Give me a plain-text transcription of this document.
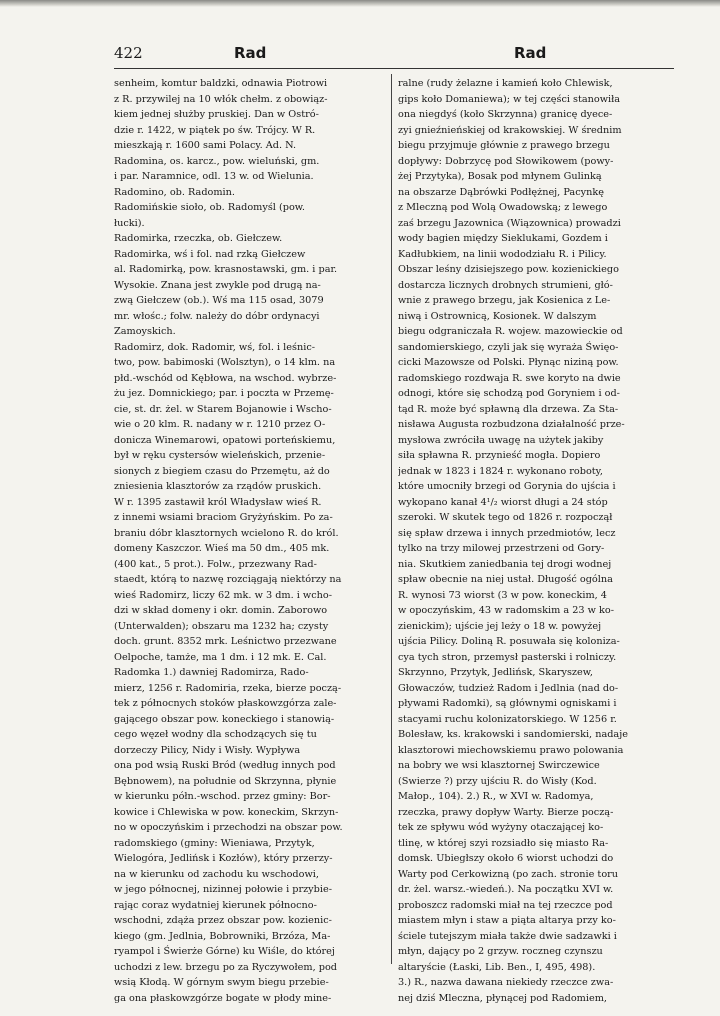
422	Rad	Rad
senheim, komtur baldzki, odnawia Piotrowi
z R. przywilej na 10 włók chełm. z obowiąz-
kiem jednej służby pruskiej. Dan w Ostró-
dzie r. 1422, w piątek po św. Trójcy. W R.
mieszkają r. 1600 sami Polacy. Ad. N.
Radomina, os. karcz., pow. wieluński, gm.
i par. Naramnice, odl. 13 w. od Wielunia.
Radomino, ob. Radomin.
Radomińskie sioło, ob. Radomyśl (pow.
łucki).
Radomirka, rzeczka, ob. Giełczew.
Radomirka, wś i fol. nad rzką Giełczew
al. Radomirką, pow. krasnostawski, gm. i par.
Wysokie. Znana jest zwykle pod drugą na-
zwą Giełczew (ob.). Wś ma 115 osad, 3079
mr. włośc.; folw. należy do dóbr ordynacyi
Zamoyskich.
Radomirz, dok. Radomir, wś, fol. i leśnic-
two, pow. babimoski (Wolsztyn), o 14 klm. na
płd.-wschód od Kębłowa, na wschod. wybrze-
żu jez. Domnickiego; par. i poczta w Przemę-
cie, st. dr. żel. w Starem Bojanowie i Wscho-
wie o 20 klm. R. nadany w r. 1210 przez O-
donicza Winemarowi, opatowi porteńskiemu,
był w ręku cystersów wieleńskich, przenie-
sionych z biegiem czasu do Przemętu, aż do
zniesienia klasztorów za rządów pruskich.
W r. 1395 zastawił król Władysław wieś R.
z innemi wsiami braciom Gryżyńskim. Po za-
braniu dóbr klasztornych wcielono R. do król.
domeny Kaszczor. Wieś ma 50 dm., 405 mk.
(400 kat., 5 prot.). Folw., przezwany Rad-
staedt, którą to nazwę rozciągają niektórzy na
wieś Radomirz, liczy 62 mk. w 3 dm. i wcho-
dzi w skład domeny i okr. domin. Zaborowo
(Unterwalden); obszaru ma 1232 ha; czysty
doch. grunt. 8352 mrk. Leśnictwo przezwane
Oelpoche, tamże, ma 1 dm. i 12 mk. E. Cal.
Radomka 1.) dawniej Radomirza, Rado-
mierz, 1256 r. Radomiria, rzeka, bierze począ-
tek z północnych stoków płaskowzgórza zale-
gającego obszar pow. koneckiego i stanowią-
cego węzeł wodny dla schodzących się tu
dorzeczy Pilicy, Nidy i Wisły. Wypływa
ona pod wsią Ruski Bród (według innych pod
Bębnowem), na południe od Skrzynna, płynie
w kierunku półn.-wschod. przez gminy: Bor-
kowice i Chlewiska w pow. koneckim, Skrzyn-
no w opoczyńskim i przechodzi na obszar pow.
radomskiego (gminy: Wieniawa, Przytyk,
Wielogóra, Jedlińsk i Kozłów), który przerzy-
na w kierunku od zachodu ku wschodowi,
w jego północnej, nizinnej połowie i przybie-
rając coraz wydatniej kierunek północno-
wschodni, zdąża przez obszar pow. kozienic-
kiego (gm. Jedlnia, Bobrowniki, Brzóza, Ma-
ryampol i Świerże Górne) ku Wiśle, do której
uchodzi z lew. brzegu po za Ryczywołem, pod
wsią Kłodą. W górnym swym biegu przebie-
ga ona płaskowzgórze bogate w płody mine-
ralne (rudy żelazne i kamień koło Chlewisk,
gips koło Domaniewa); w tej części stanowiła
ona niegdyś (koło Skrzynna) granicę dyece-
zyi gnieźnieńskiej od krakowskiej. W średnim
biegu przyjmuje głównie z prawego brzegu
dopływy: Dobrzycę pod Słowikowem (powy-
żej Przytyka), Bosak pod młynem Gulinką
na obszarze Dąbrówki Podłężnej, Pacynkę
z Mleczną pod Wolą Owadowską; z lewego
zaś brzegu Jazownica (Wiązownica) prowadzi
wody bagien między Sieklukami, Gozdem i
Kadłubkiem, na linii wododziału R. i Pilicy.
Obszar leśny dzisiejszego pow. kozienickiego
dostarcza licznych drobnych strumieni, głó-
wnie z prawego brzegu, jak Kosienica z Le-
niwą i Ostrownicą, Kosionek. W dalszym
biegu odgraniczała R. wojew. mazowieckie od
sandomierskiego, czyli jak się wyraża Święo-
cicki Mazowsze od Polski. Płynąc niziną pow.
radomskiego rozdwaja R. swe koryto na dwie
odnogi, które się schodzą pod Goryniem i od-
tąd R. może być spławną dla drzewa. Za Sta-
nisława Augusta rozbudzona działalność prze-
mysłowa zwróciła uwagę na użytek jakiby
siła spławna R. przynieść mogła. Dopiero
jednak w 1823 i 1824 r. wykonano roboty,
które umocniły brzegi od Gorynia do ujścia i
wykopano kanał 4¹/₂ wiorst długi a 24 stóp
szeroki. W skutek tego od 1826 r. rozpoczął
się spław drzewa i innych przedmiotów, lecz
tylko na trzy milowej przestrzeni od Gory-
nia. Skutkiem zaniedbania tej drogi wodnej
spław obecnie na niej ustał. Długość ogólna
R. wynosi 73 wiorst (3 w pow. koneckim, 4
w opoczyńskim, 43 w radomskim a 23 w ko-
zienickim); ujście jej leży o 18 w. powyżej
ujścia Pilicy. Doliną R. posuwała się koloniza-
cya tych stron, przemysł pasterski i rolniczy.
Skrzynno, Przytyk, Jedlińsk, Skaryszew,
Głowaczów, tudzież Radom i Jedlnia (nad do-
pływami Radomki), są głównymi ogniskami i
stacyami ruchu kolonizatorskiego. W 1256 r.
Bolesław, ks. krakowski i sandomierski, nadaje
klasztorowi miechowskiemu prawo polowania
na bobry we wsi klasztornej Swirczewice
(Swierze ?) przy ujściu R. do Wisły (Kod.
Małop., 104). 2.) R., w XVI w. Radomya,
rzeczka, prawy dopływ Warty. Bierze począ-
tek ze spływu wód wyżyny otaczającej ko-
tlinę, w której szyi rozsiadło się miasto Ra-
domsk. Ubiegłszy około 6 wiorst uchodzi do
Warty pod Cerkowizną (po zach. stronie toru
dr. żel. warsz.-wiedeń.). Na początku XVI w.
proboszcz radomski miał na tej rzeczce pod
miastem młyn i staw a piąta altarya przy ko-
ściele tutejszym miała także dwie sadzawki i
młyn, dający po 2 grzyw. roczneg czynszu
altaryście (Łaski, Lib. Ben., I, 495, 498).
3.) R., nazwa dawana niekiedy rzeczce zwa-
nej dziś Mleczna, płynącej pod Radomiem,
